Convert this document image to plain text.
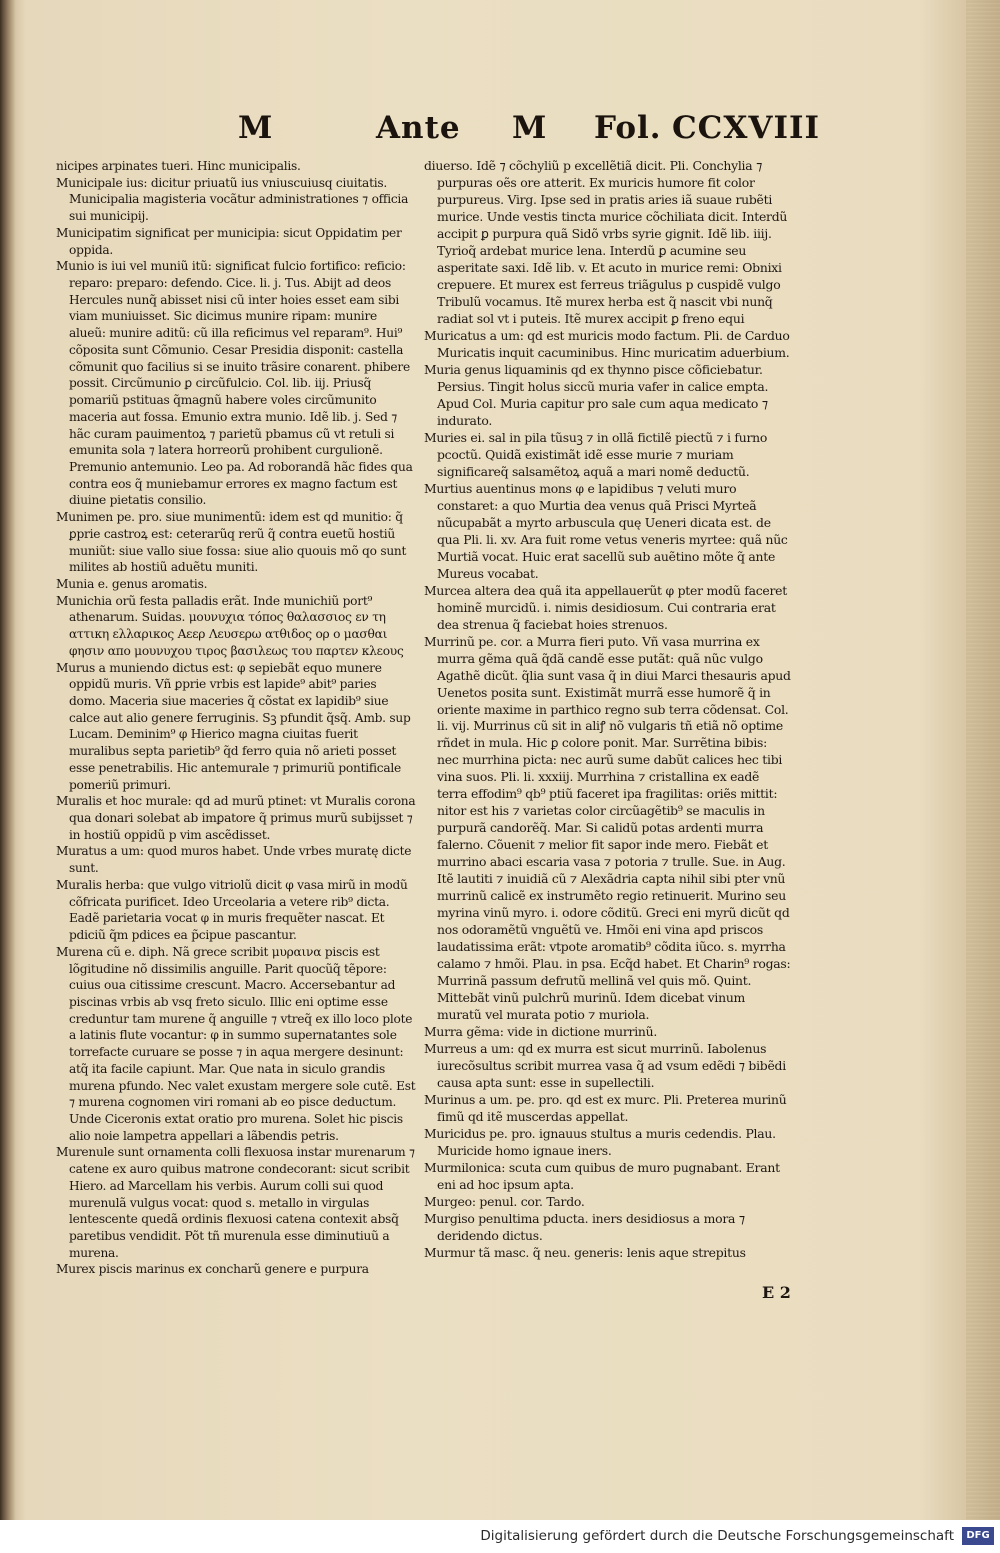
M	Ante M Fol. CCXVIII

nicipes arpinates tueri. Hinc municipalis.

Municipale ius: dicitur priuatũ ius vniuscuiusq ciuitatis. Municipalia magisteria vocãtur administrationes ⁊ officia sui municipij.

Municipatim significat per municipia: sicut Oppidatim per oppida.

Munio is iui vel muniũ itũ: significat fulcio fortifico: reficio: reparo: preparo: defendo. Cice. li. j. Tus. Abijt ad deos Hercules nunq̃ abisset nisi cũ inter hoies esset eam sibi viam muniuisset. Sic dicimus munire ripam: munire alueũ: munire aditũ: cũ illa reficimus vel reparam⁹. Hui⁹ cõposita sunt Cõmunio. Cesar Presidia disponit: castella cõmunit quo facilius si se inuito trãsire conarent. phibere possit. Circũmunio ꝑ circũfulcio. Col. lib. iij. Priusq̃ pomariũ pstituas q̃magnũ habere voles circũmunito maceria aut fossa. Emunio extra munio. Idẽ lib. j. Sed ⁊ hãc curam pauimentoꝝ ⁊ parietũ pbamus cũ vt retuli si emunita sola ⁊ latera horreorũ prohibent curgulionẽ. Premunio antemunio. Leo pa. Ad roborandã hãc fides qua contra eos q̃ muniebamur errores ex magno factum est diuine pietatis consilio.

Munimen pe. pro. siue munimentũ: idem est qd munitio: q̃ ꝑprie castroꝝ est: ceterarũq rerũ q̃ contra euetũ hostiũ muniũt: siue vallo siue fossa: siue alio quouis mõ qo sunt milites ab hostiũ aduẽtu muniti.

Munia e. genus aromatis.

Munichia orũ festa palladis erãt. Inde munichiũ port⁹ athenarum. Suidas. μουνυχια τόπος θαλασσιος εν τη αττικη ελλαρικος Αεερ Λευσερω ατθιδος ορ ο μασθαι φησιν απο μουνυχου τιρος βασιλεως του παρτεν κλεους

Murus a muniendo dictus est: φ sepiebãt equo munere oppidũ muris. Vñ ꝑprie vrbis est lapide⁹ abit⁹ paries domo. Maceria siue maceries q̃ cõstat ex lapidib⁹ siue calce aut alio genere ferruginis. Sꝫ pfundit q̃sq̃. Amb. sup Lucam. Deminim⁹ φ Hierico magna ciuitas fuerit muralibus septa parietib⁹ q̃d ferro quia nõ arieti posset esse penetrabilis. Hic antemurale ⁊ primuriũ pontificale pomeriũ primuri.

Muralis et hoc murale: qd ad murũ ptinet: vt Muralis corona qua donari solebat ab imꝑatore q̃ primus murũ subijsset ⁊ in hostiũ oppidũ p vim ascẽdisset.

Muratus a um: quod muros habet. Unde vrbes muratę dicte sunt.

Muralis herba: que vulgo vitriolũ dicit φ vasa mirũ in modũ cõfricata purificet. Ideo Urceolaria a vetere rib⁹ dicta. Eadẽ parietaria vocat φ in muris frequẽter nascat. Et pdiciũ q̃m pdices ea p̃cipue pascantur.

Murena cũ e. diph. Nã grece scribit μυραινα piscis est lõgitudine nõ dissimilis anguille. Parit quocũq̃ tẽpore: cuius oua citissime crescunt. Macro. Accersebantur ad piscinas vrbis ab vsq freto siculo. Illic eni optime esse creduntur tam murene q̃ anguille ⁊ vtreq̃ ex illo loco plote a latinis flute vocantur: φ in summo supernatantes sole torrefacte curuare se posse ⁊ in aqua mergere desinunt: atq̃ ita facile capiunt. Mar. Que nata in siculo grandis murena pfundo. Nec valet exustam mergere sole cutẽ. Est ⁊ murena cognomen viri romani ab eo pisce deductum. Unde Ciceronis extat oratio pro murena. Solet hic piscis alio noie lampetra appellari a lãbendis petris.

Murenule sunt ornamenta colli flexuosa instar murenarum ⁊ catene ex auro quibus matrone condecorant: sicut scribit Hiero. ad Marcellam his verbis. Aurum colli sui quod murenulã vulgus vocat: quod s. metallo in virgulas lentescente quedã ordinis flexuosi catena contexit absq̃ paretibus vendidit. Põt tñ murenula esse diminutiuũ a murena.

Murex piscis marinus ex concharũ genere e purpura

diuerso. Idẽ ⁊ cõchyliũ p excellẽtiã dicit. Pli. Conchylia ⁊ purpuras oẽs ore atterit. Ex muricis humore fit color purpureus. Virg. Ipse sed in pratis aries iã suaue rubẽti murice. Unde vestis tincta murice cõchiliata dicit. Interdũ accipit ꝑ purpura quã Sidõ vrbs syrie gignit. Idẽ lib. iiij. Tyrioq̃ ardebat murice lena. Interdũ ꝑ acumine seu asperitate saxi. Idẽ lib. v. Et acuto in murice remi: Obnixi crepuere. Et murex est ferreus triãgulus p cuspidẽ vulgo Tribulũ vocamus. Itẽ murex herba est q̃ nascit vbi nunq̃ radiat sol vt i puteis. Itẽ murex accipit ꝑ freno equi

Muricatus a um: qd est muricis modo factum. Pli. de Carduo Muricatis inquit cacuminibus. Hinc muricatim aduerbium.

Muria genus liquaminis qd ex thynno pisce cõficiebatur. Persius. Tingit holus siccũ muria vafer in calice empta. Apud Col. Muria capitur pro sale cum aqua medicato ⁊ indurato.

Muries ei. sal in pila tũsuꝫ ⁊ in ollã fictilẽ piectũ ⁊ i furno pcoctũ. Quidã existimãt idẽ esse murie ⁊ muriam significareq̃ salsamẽtoꝝ aquã a mari nomẽ deductũ.

Murtius auentinus mons φ e lapidibus ⁊ veluti muro constaret: a quo Murtia dea venus quã Prisci Myrteã nũcupabãt a myrto arbuscula quę Ueneri dicata est. de qua Pli. li. xv. Ara fuit rome vetus veneris myrtee: quã nũc Murtiã vocat. Huic erat sacellũ sub auẽtino mõte q̃ ante Mureus vocabat.

Murcea altera dea quã ita appellauerũt φ pter modũ faceret hominẽ murcidũ. i. nimis desidiosum. Cui contraria erat dea strenua q̃ faciebat hoies strenuos.

Murrinũ pe. cor. a Murra fieri puto. Vñ vasa murrina ex murra gẽma quã q̃dã candẽ esse putãt: quã nũc vulgo Agathẽ dicũt. q̃lia sunt vasa q̃ in diui Marci thesauris apud Uenetos posita sunt. Existimãt murrã esse humorẽ q̃ in oriente maxime in parthico regno sub terra cõdensat. Col. li. vij. Murrinus cũ sit in aliꝭ nõ vulgaris tñ etiã nõ optime rñdet in mula. Hic ꝑ colore ponit. Mar. Surrẽtina bibis: nec murrhina picta: nec aurũ sume dabũt calices hec tibi vina suos. Pli. li. xxxiij. Murrhina ⁊ cristallina ex eadẽ terra effodim⁹ qb⁹ ptiũ faceret ipa fragilitas: oriẽs mittit: nitor est his ⁊ varietas color circũagẽtib⁹ se maculis in purpurã candorẽq̃. Mar. Si calidũ potas ardenti murra falerno. Cõuenit ⁊ melior fit sapor inde mero. Fiebãt et murrino abaci escaria vasa ⁊ potoria ⁊ trulle. Sue. in Aug. Itẽ lautiti ⁊ inuidiã cũ ⁊ Alexãdria capta nihil sibi pter vnũ murrinũ calicẽ ex instrumẽto regio retinuerit. Murino seu myrina vinũ myro. i. odore cõditũ. Greci eni myrũ dicũt qd nos odoramẽtũ vnguẽtũ ve. Hmõi eni vina apd priscos laudatissima erãt: vtpote aromatib⁹ cõdita iũco. s. myrrha calamo ⁊ hmõi. Plau. in psa. Ecq̃d habet. Et Charin⁹ rogas: Murrinã passum defrutũ mellinã vel quis mõ. Quint. Mittebãt vinũ pulchrũ murinũ. Idem dicebat vinum muratũ vel murata potio ⁊ muriola.

Murra gẽma: vide in dictione murrinũ.

Murreus a um: qd ex murra est sicut murrinũ. Iabolenus iurecõsultus scribit murrea vasa q̃ ad vsum edẽdi ⁊ bibẽdi causa apta sunt: esse in supellectili.

Murinus a um. pe. pro. qd est ex murc. Pli. Preterea murinũ fimũ qd itẽ muscerdas appellat.

Muricidus pe. pro. ignauus stultus a muris cedendis. Plau. Muricide homo ignaue iners.

Murmilonica: scuta cum quibus de muro pugnabant. Erant eni ad hoc ipsum apta.

Murgeo: penul. cor. Tardo.

Murgiso penultima pducta. iners desidiosus a mora ⁊ deridendo dictus.

Murmur tã masc. q̃ neu. generis: lenis aque strepitus

E 2
Digitalisierung gefördert durch die Deutsche Forschungsgemeinschaft	DFG
